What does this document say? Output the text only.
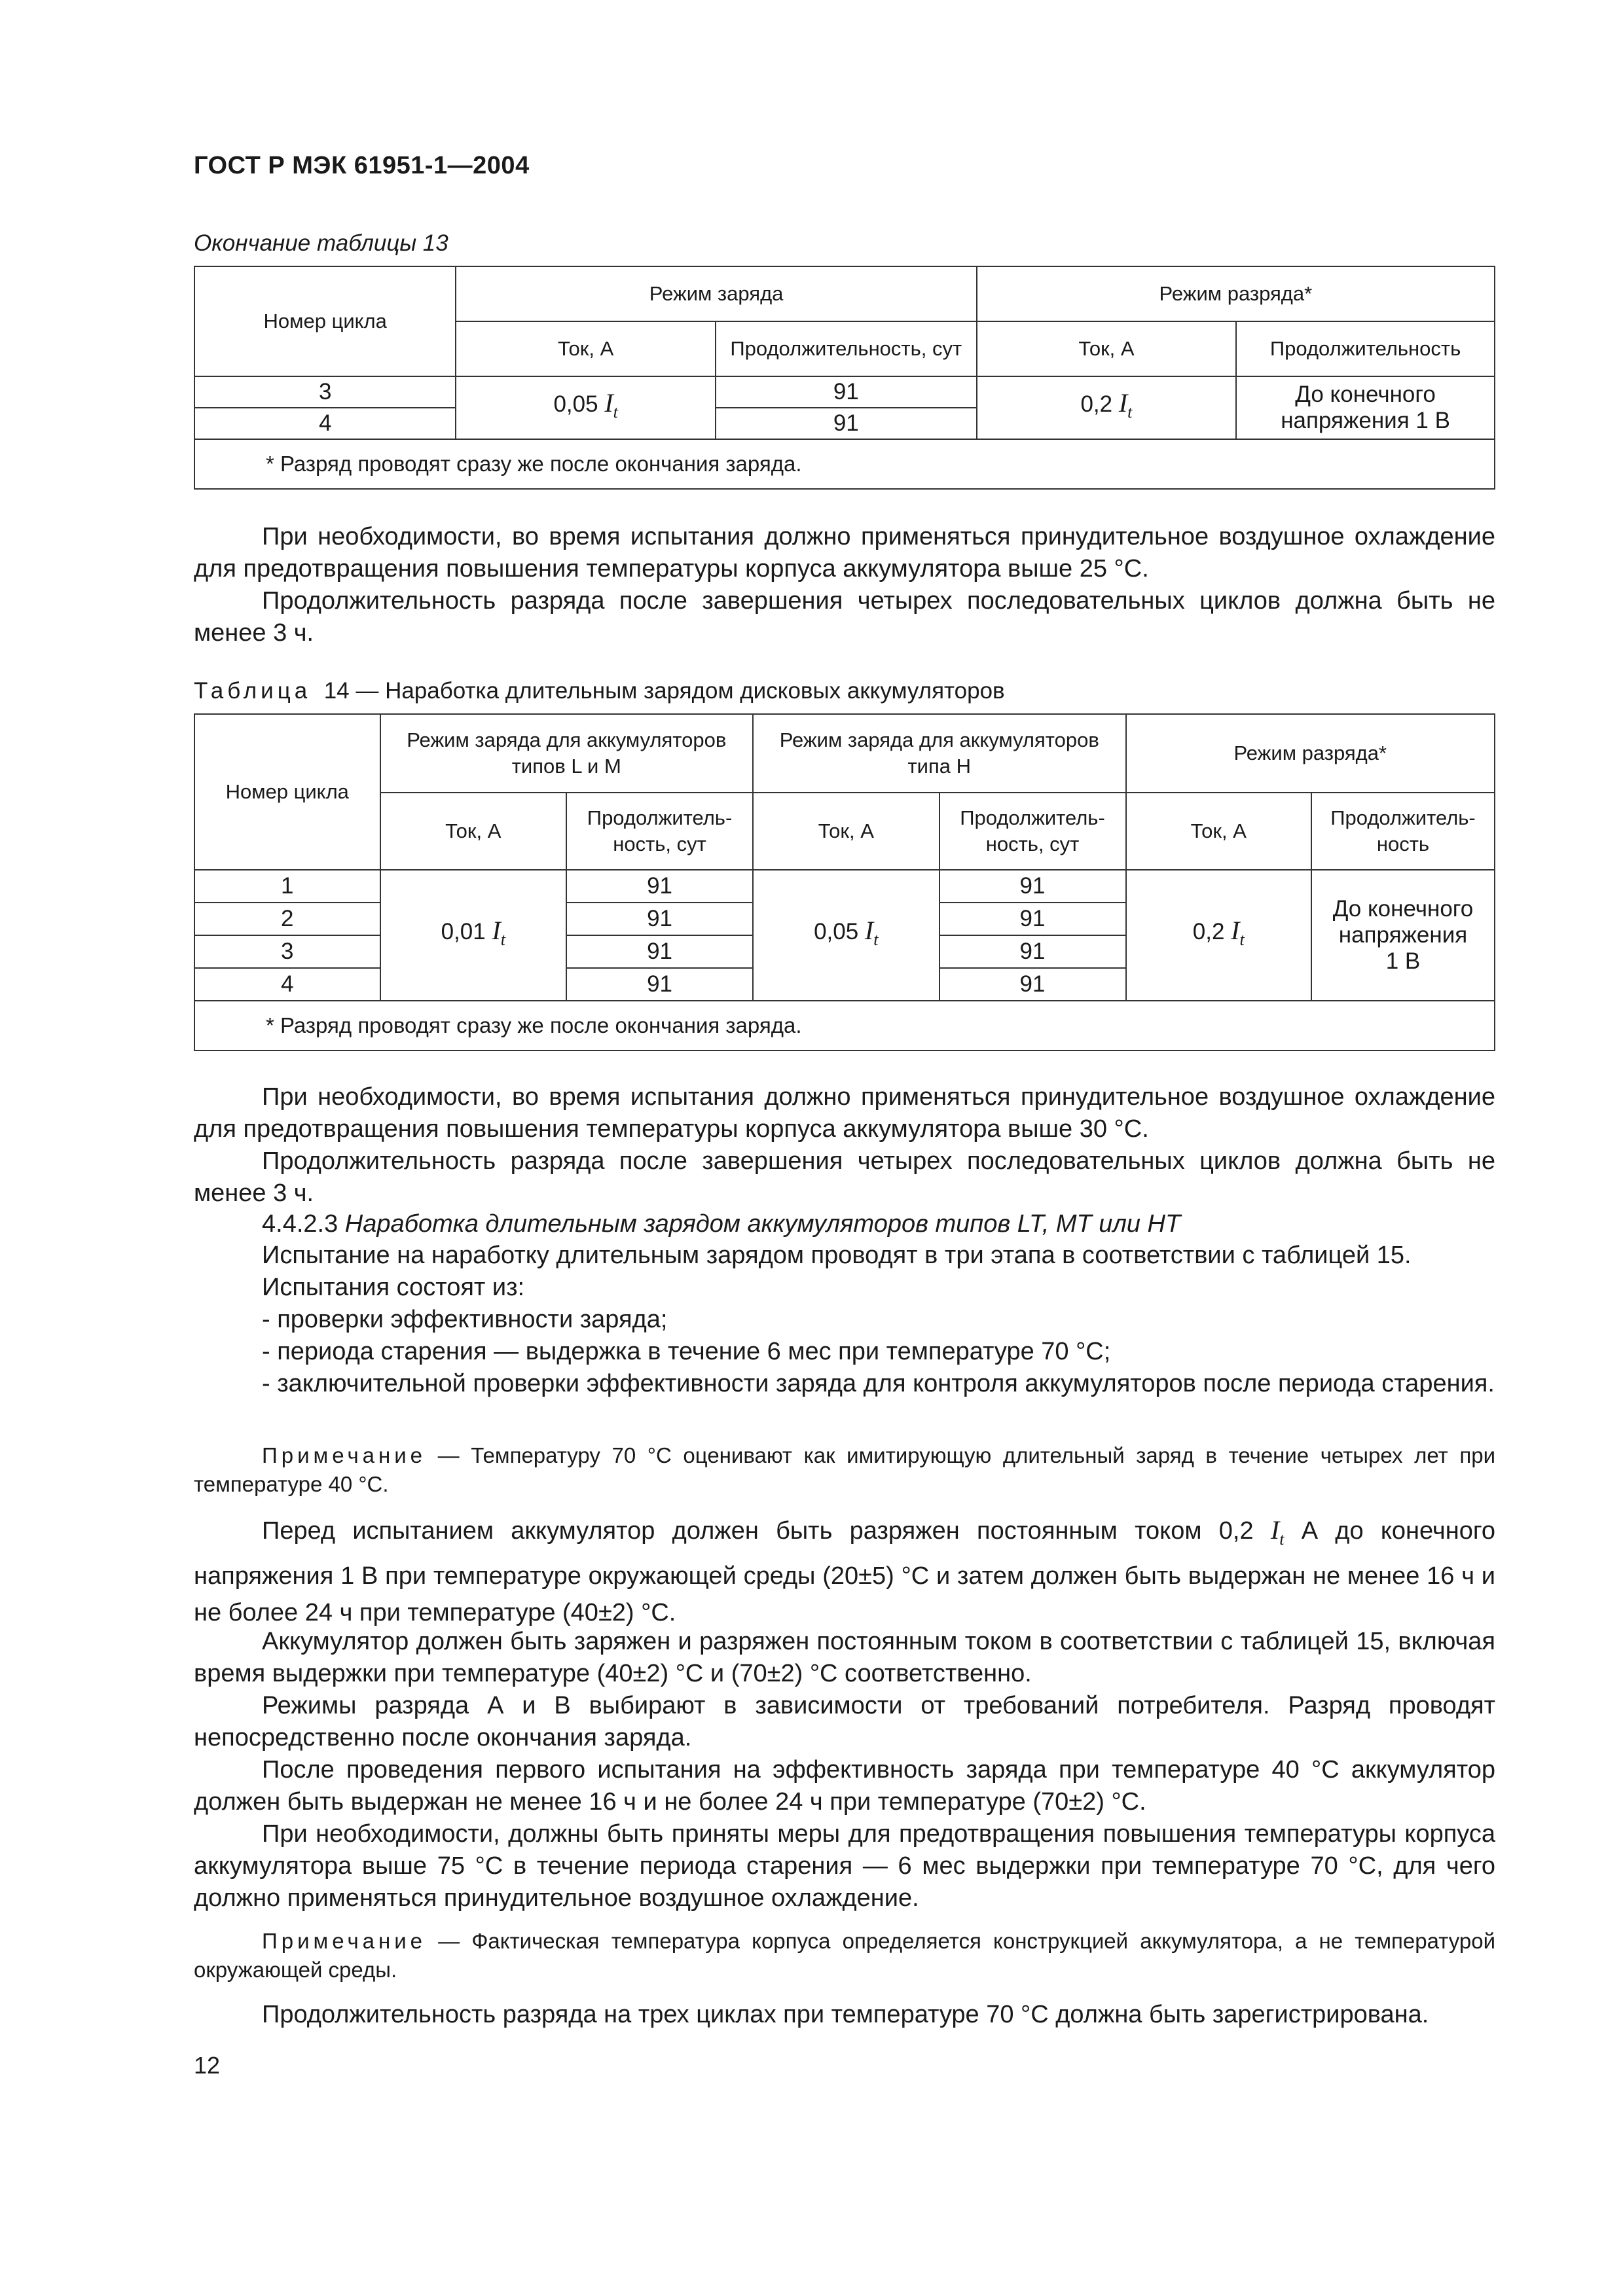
ГОСТ Р МЭК 61951-1—2004
Окончание таблицы 13
Номер цикла	Режим заряда		Режим разряда*	
	Ток, А	Продолжительность, сут	Ток, А	Продолжительность
3	0,05 $I_t$	91	0,2 $I_t$	До конечного напряжения 1 В
4		91		
* Разряд проводят сразу же после окончания заряда.				
При необходимости, во время испытания должно применяться принудительное воздушное охлаждение для предотвращения повышения температуры корпуса аккумулятора выше 25 °С.
Продолжительность разряда после завершения четырех последовательных циклов должна быть не менее 3 ч.
Таблица 14 — Наработка длительным зарядом дисковых аккумуляторов
Номер цикла	Режим заряда для аккумуляторов типов L и M		Режим заряда для аккумуляторов типа H		Режим разряда*	
	Ток, А	Продолжитель-ность, сут	Ток, А	Продолжитель-ность, сут	Ток, А	Продолжитель-ность
1	0,01 $I_t$	91	0,05 $I_t$	91	0,2 $I_t$	До конечного напряжения 1 В
2		91		91		
3		91		91		
4		91		91		
* Разряд проводят сразу же после окончания заряда.						
При необходимости, во время испытания должно применяться принудительное воздушное охлаждение для предотвращения повышения температуры корпуса аккумулятора выше 30 °С.
Продолжительность разряда после завершения четырех последовательных циклов должна быть не менее 3 ч.
4.4.2.3 Наработка длительным зарядом аккумуляторов типов LT, MT или HT
Испытание на наработку длительным зарядом проводят в три этапа в соответствии с таблицей 15.
Испытания состоят из:
- проверки эффективности заряда;
- периода старения — выдержка в течение 6 мес при температуре 70 °С;
- заключительной проверки эффективности заряда для контроля аккумуляторов после периода старения.
Примечание — Температуру 70 °С оценивают как имитирующую длительный заряд в течение четырех лет при температуре 40 °С.
Перед испытанием аккумулятор должен быть разряжен постоянным током 0,2 $I_t$ А до конечного напряжения 1 В при температуре окружающей среды (20±5) °С и затем должен быть выдержан не менее 16 ч и не более 24 ч при температуре (40±2) °С.
Аккумулятор должен быть заряжен и разряжен постоянным током в соответствии с таблицей 15, включая время выдержки при температуре (40±2) °С и (70±2) °С соответственно.
Режимы разряда А и В выбирают в зависимости от требований потребителя. Разряд проводят непосредственно после окончания заряда.
После проведения первого испытания на эффективность заряда при температуре 40 °С аккумулятор должен быть выдержан не менее 16 ч и не более 24 ч при температуре (70±2) °С.
При необходимости, должны быть приняты меры для предотвращения повышения температуры корпуса аккумулятора выше 75 °С в течение периода старения — 6 мес выдержки при температуре 70 °С, для чего должно применяться принудительное воздушное охлаждение.
Примечание — Фактическая температура корпуса определяется конструкцией аккумулятора, а не температурой окружающей среды.
Продолжительность разряда на трех циклах при температуре 70 °С должна быть зарегистрирована.
12
